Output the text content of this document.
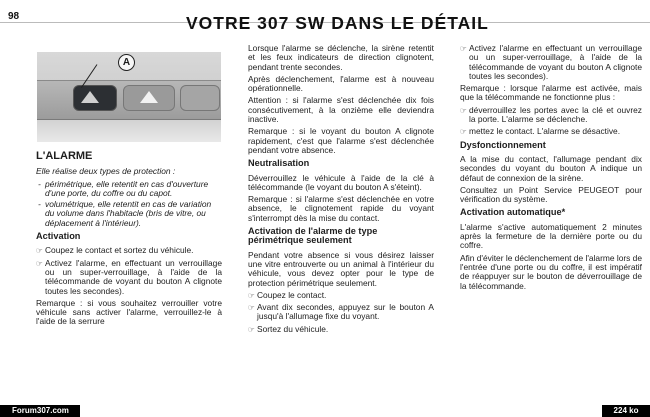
98	VOTRE 307 SW DANS LE DÉTAIL
A
L'ALARME

Elle réalise deux types de protection :

- périmétrique, elle retentit en cas d'ouverture d'une porte, du coffre ou du capot.
- volumétrique, elle retentit en cas de variation du volume dans l'habitacle (bris de vitre, ou déplacement à l'intérieur).
Activation
☞ Coupez le contact et sortez du véhicule.
☞ Activez l'alarme, en effectuant un verrouillage ou un super-verrouillage, à l'aide de la télécommande de voyant du bouton A clignote toutes les secondes).

Remarque : si vous souhaitez verrouiller votre véhicule sans activer l'alarme, verrouillez-le à l'aide de la serrure

Lorsque l'alarme se déclenche, la sirène retentit et les feux indicateurs de direction clignotent, pendant trente secondes.

Après déclenchement, l'alarme est à nouveau opérationnelle.

Attention : si l'alarme s'est déclenchée dix fois consécutivement, à la onzième elle deviendra inactive.

Remarque : si le voyant du bouton A clignote rapidement, c'est que l'alarme s'est déclenchée pendant votre absence.

Neutralisation

Déverrouillez le véhicule à l'aide de la clé à télécommande (le voyant du bouton A s'éteint).

Remarque : si l'alarme s'est déclenchée en votre absence, le clignotement rapide du voyant s'interrompt dès la mise du contact.

Activation de l'alarme de type périmétrique seulement

Pendant votre absence si vous désirez laisser une vitre entrouverte ou un animal à l'intérieur du véhicule, vous devez opter pour le type de protection périmétrique seulement.

☞ Coupez le contact.
☞ Avant dix secondes, appuyez sur le bouton A jusqu'à l'allumage fixe du voyant.
☞ Sortez du véhicule.
☞ Activez l'alarme en effectuant un verrouillage ou un super-verrouillage, à l'aide de la télécommande de voyant du bouton A clignote toutes les secondes).

Remarque : lorsque l'alarme est activée, mais que la télécommande ne fonctionne plus :

☞ déverrouillez les portes avec la clé et ouvrez la porte. L'alarme se déclenche.
☞ mettez le contact. L'alarme se désactive.
Dysfonctionnement

A la mise du contact, l'allumage pendant dix secondes du voyant du bouton A indique un défaut de connexion de la sirène.

Consultez un Point Service PEUGEOT pour vérification du système.

Activation automatique*

L'alarme s'active automatiquement 2 minutes après la fermeture de la dernière porte ou du coffre.

Afin d'éviter le déclenchement de l'alarme lors de l'entrée d'une porte ou du coffre, il est impératif de réappuyer sur le bouton de déverrouillage de la télécommande.

Forum307.com	224 ko
